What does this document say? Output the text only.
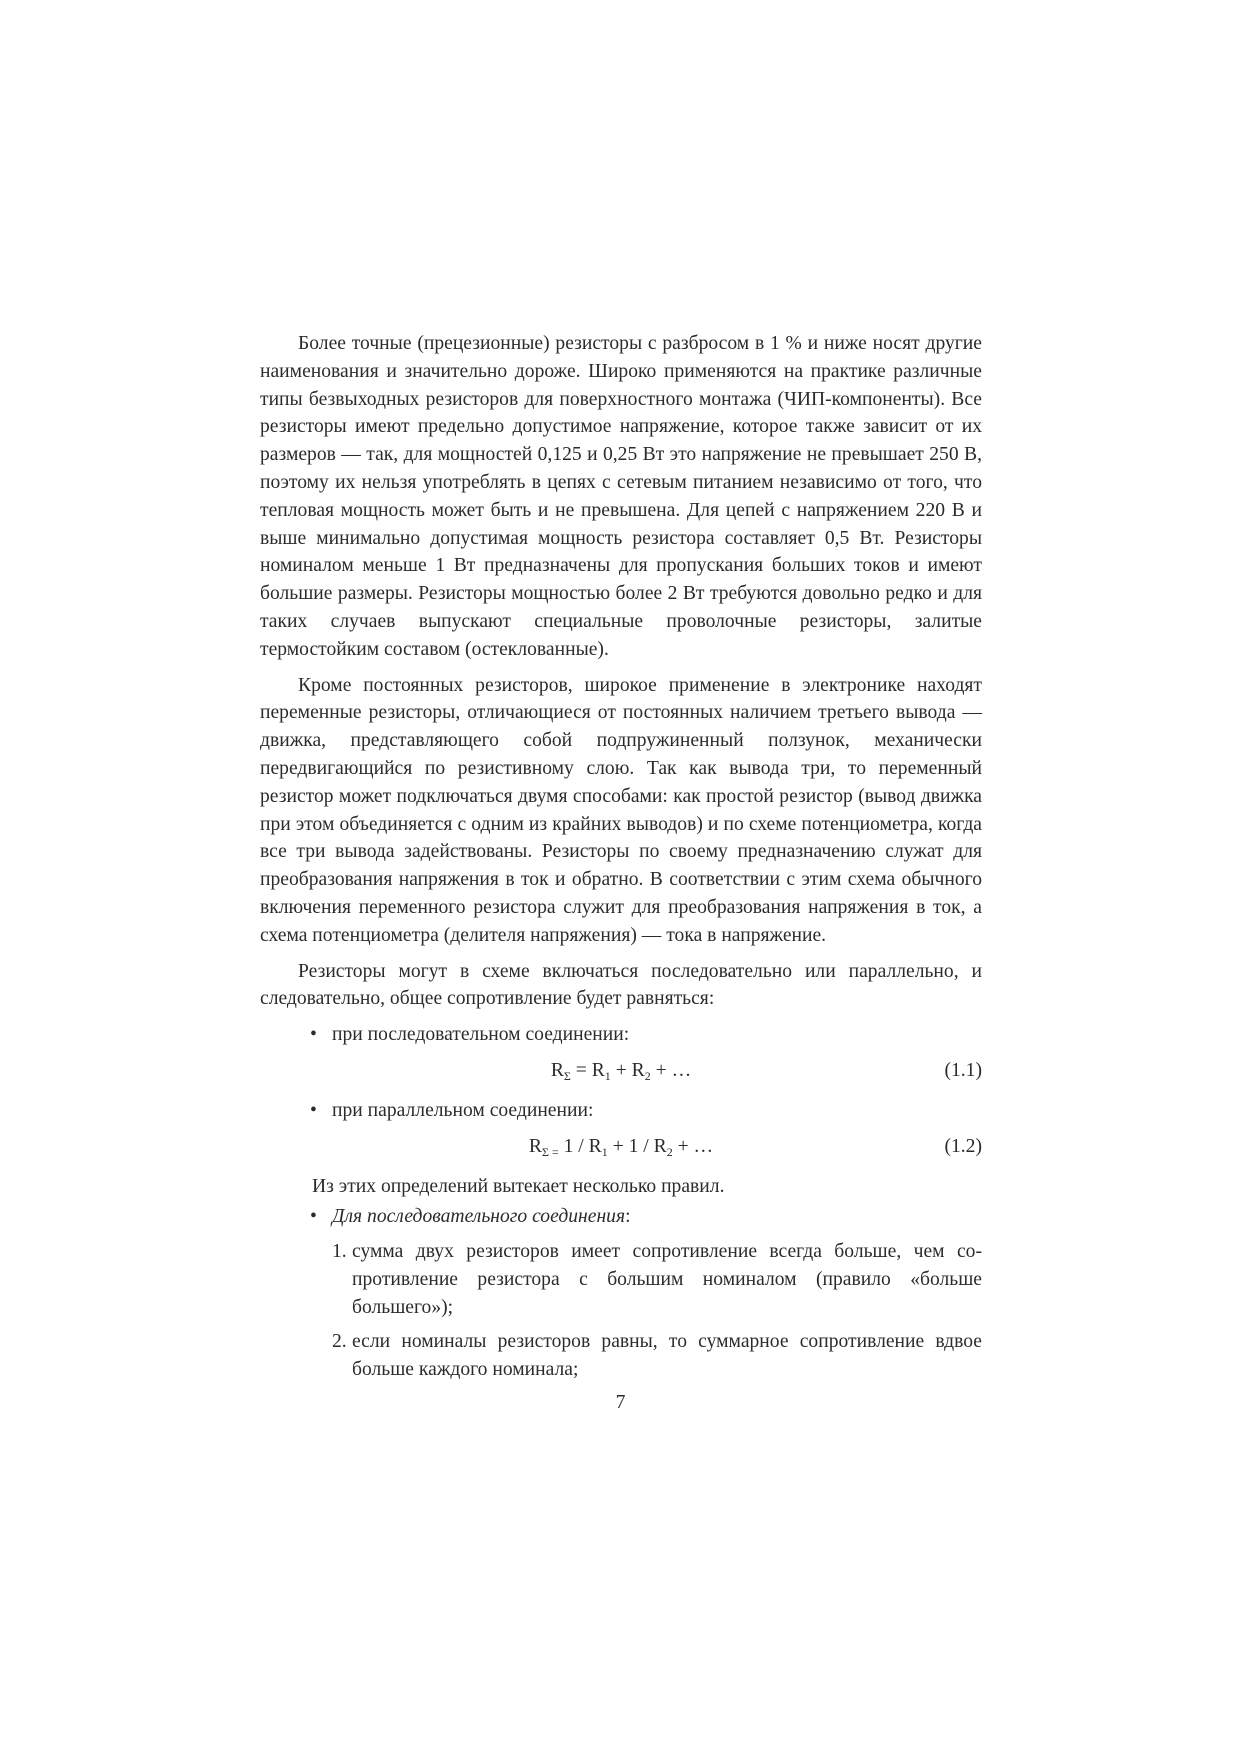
Более точные (прецезионные) резисторы с разбросом в 1 % и ниже носят другие наименования и значительно дороже. Широко применяются на практике различные типы безвыходных резисторов для поверхностного монтажа (ЧИП-компоненты). Все резисторы имеют предельно допустимое напряжение, которое также зависит от их размеров — так, для мощностей 0,125 и 0,25 Вт это напряжение не превышает 250 В, поэтому их нельзя употреблять в цепях с сетевым питанием независимо от того, что тепловая мощность может быть и не превышена. Для цепей с напряжением 220 В и выше минимально допустимая мощность резистора составляет 0,5 Вт. Резисторы номиналом меньше 1 Вт предназначены для пропускания больших токов и имеют большие размеры. Резисторы мощностью более 2 Вт требуются довольно редко и для таких случаев выпускают специальные проволочные резисторы, залитые термостойким составом (остеклованные).

Кроме постоянных резисторов, широкое применение в электронике находят переменные резисторы, отличающиеся от постоянных наличием третьего вывода — движка, представляющего собой подпружиненный ползунок, механически передвигающийся по резистивному слою. Так как вывода три, то переменный резистор может подключаться двумя способами: как простой резистор (вывод движка при этом объединяется с одним из крайних выводов) и по схеме потенциометра, когда все три вывода задействованы. Резисторы по своему предназначению служат для преобразования напряжения в ток и обратно. В соответствии с этим схема обычного включения переменного резистора служит для преобразования напряжения в ток, а схема потенциометра (делителя напряжения) — тока в напряжение.

Резисторы могут в схеме включаться последовательно или параллельно, и следовательно, общее сопротивление будет равняться:

• при последовательном соединении:
$R_\Sigma = R_1 + R_2$ + …	(1.1)
• при параллельном соединении:
$R_{\Sigma =}$ $1 / R_1 + 1 / R_2$ + …	(1.2)

Из этих определений вытекает несколько правил.

• Для последовательного соединения:
1. сумма двух резисторов имеет сопротивление всегда больше, чем сопротивление резистора с большим номиналом (правило «больше большего»);
2. если номиналы резисторов равны, то суммарное сопротивление вдвое больше каждого номинала;
7
